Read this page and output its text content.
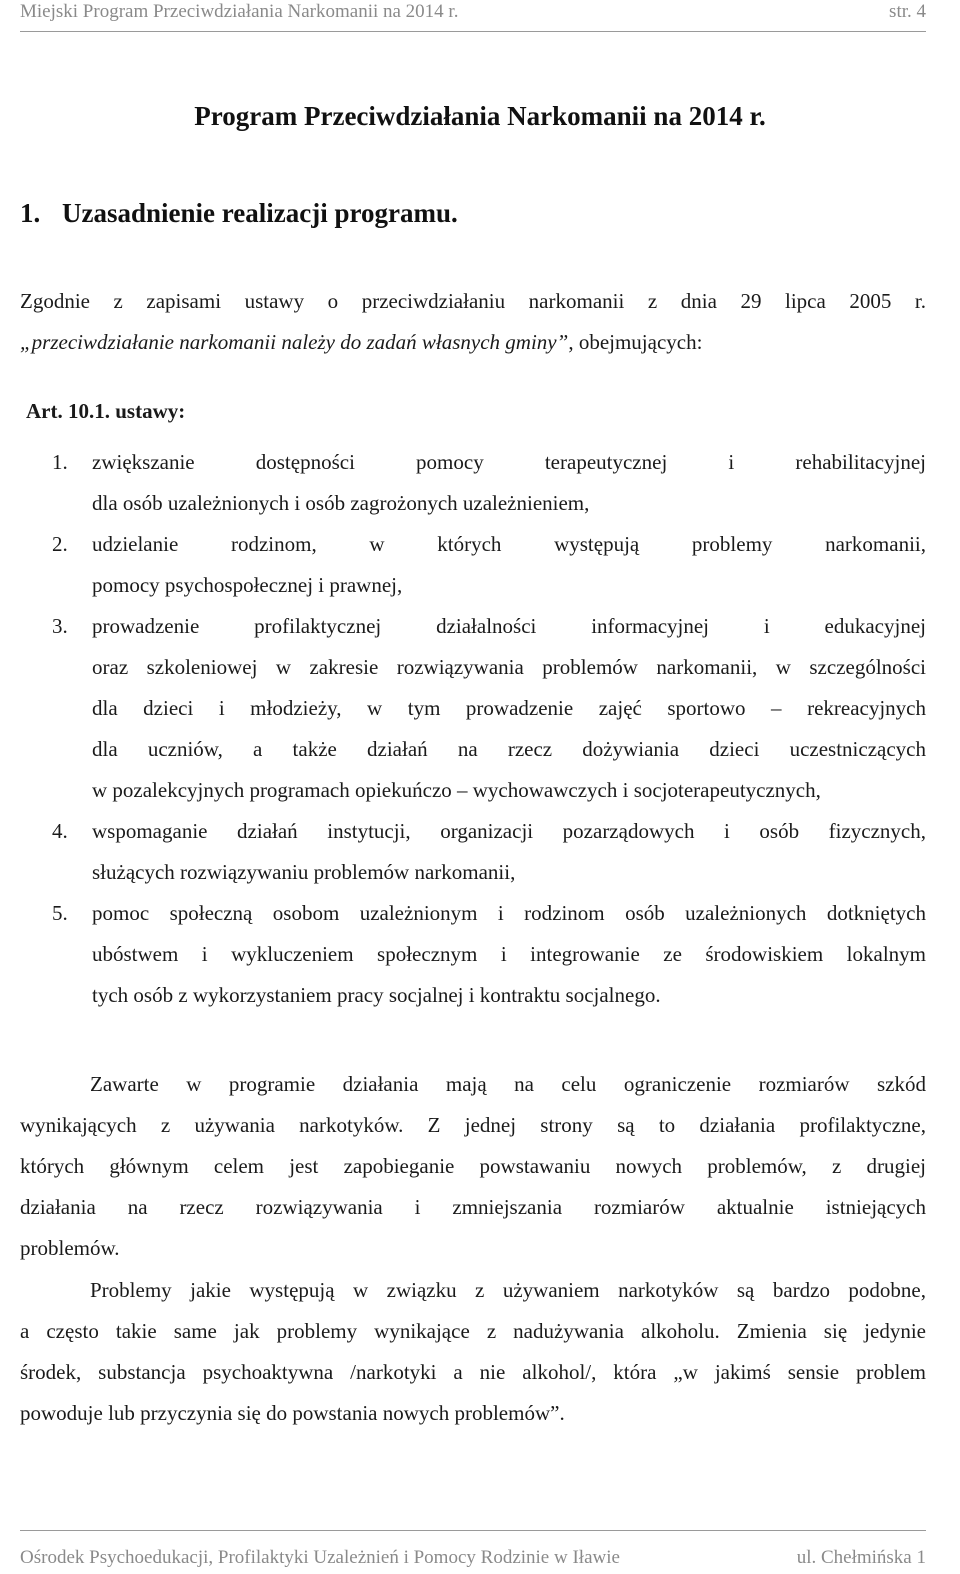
Miejski Program Przeciwdziałania Narkomanii na 2014 r.	str. 4
Program Przeciwdziałania Narkomanii na 2014 r.
1. Uzasadnienie realizacji programu.
Zgodnie z zapisami ustawy o przeciwdziałaniu narkomanii z dnia 29 lipca 2005 r.
„przeciwdziałanie narkomanii należy do zadań własnych gminy”, obejmujących:
Art. 10.1. ustawy:
1. zwiększanie dostępności pomocy terapeutycznej i rehabilitacyjnej
dla osób uzależnionych i osób zagrożonych uzależnieniem,
2. udzielanie rodzinom, w których występują problemy narkomanii,
pomocy psychospołecznej i prawnej,
3. prowadzenie profilaktycznej działalności informacyjnej i edukacyjnej
oraz szkoleniowej w zakresie rozwiązywania problemów narkomanii, w szczególności
dla dzieci i młodzieży, w tym prowadzenie zajęć sportowo – rekreacyjnych
dla uczniów, a także działań na rzecz dożywiania dzieci uczestniczących
w pozalekcyjnych programach opiekuńczo – wychowawczych i socjoterapeutycznych,
4. wspomaganie działań instytucji, organizacji pozarządowych i osób fizycznych,
służących rozwiązywaniu problemów narkomanii,
5. pomoc społeczną osobom uzależnionym i rodzinom osób uzależnionych dotkniętych
ubóstwem i wykluczeniem społecznym i integrowanie ze środowiskiem lokalnym
tych osób z wykorzystaniem pracy socjalnej i kontraktu socjalnego.
Zawarte w programie działania mają na celu ograniczenie rozmiarów szkód
wynikających z używania narkotyków. Z jednej strony są to działania profilaktyczne,
których głównym celem jest zapobieganie powstawaniu nowych problemów, z drugiej
działania na rzecz rozwiązywania i zmniejszania rozmiarów aktualnie istniejących
problemów.
Problemy jakie występują w związku z używaniem narkotyków są bardzo podobne,
a często takie same jak problemy wynikające z nadużywania alkoholu. Zmienia się jedynie
środek, substancja psychoaktywna /narkotyki a nie alkohol/, która „w jakimś sensie problem
powoduje lub przyczynia się do powstania nowych problemów”.
Ośrodek Psychoedukacji, Profilaktyki Uzależnień i Pomocy Rodzinie w Iławie	ul. Chełmińska 1
